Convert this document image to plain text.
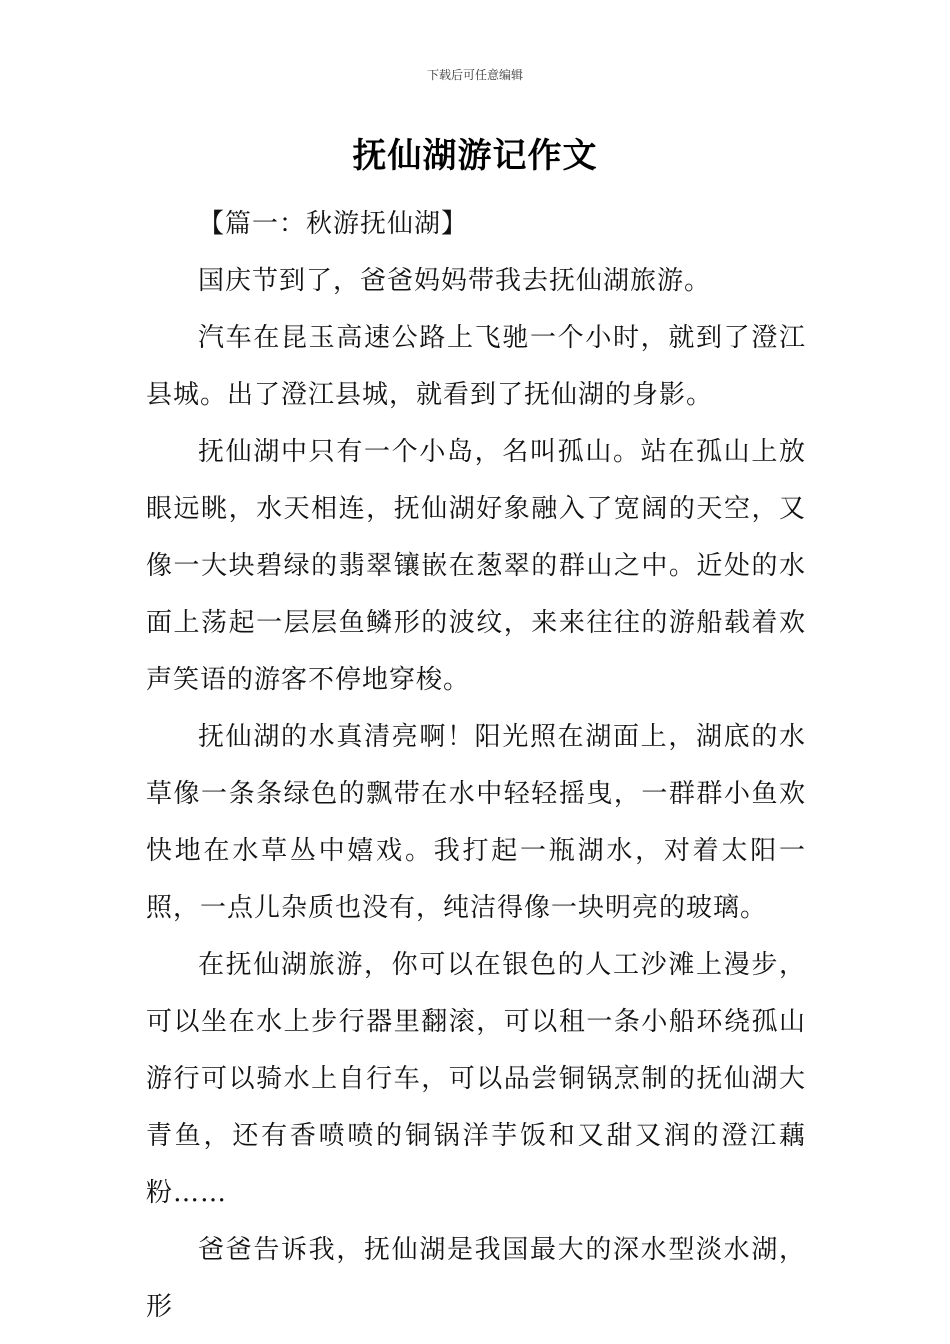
下载后可任意编辑
抚仙湖游记作文

【篇一：秋游抚仙湖】

国庆节到了，爸爸妈妈带我去抚仙湖旅游。

汽车在昆玉高速公路上飞驰一个小时，就到了澄江县城。出了澄江县城，就看到了抚仙湖的身影。

抚仙湖中只有一个小岛，名叫孤山。站在孤山上放眼远眺，水天相连，抚仙湖好象融入了宽阔的天空，又像一大块碧绿的翡翠镶嵌在葱翠的群山之中。近处的水面上荡起一层层鱼鳞形的波纹，来来往往的游船载着欢声笑语的游客不停地穿梭。

抚仙湖的水真清亮啊！阳光照在湖面上，湖底的水草像一条条绿色的飘带在水中轻轻摇曳，一群群小鱼欢快地在水草丛中嬉戏。我打起一瓶湖水，对着太阳一照，一点儿杂质也没有，纯洁得像一块明亮的玻璃。

在抚仙湖旅游，你可以在银色的人工沙滩上漫步，可以坐在水上步行器里翻滚，可以租一条小船环绕孤山游行可以骑水上自行车，可以品尝铜锅烹制的抚仙湖大青鱼，还有香喷喷的铜锅洋芋饭和又甜又润的澄江藕粉……

爸爸告诉我，抚仙湖是我国最大的深水型淡水湖，形
